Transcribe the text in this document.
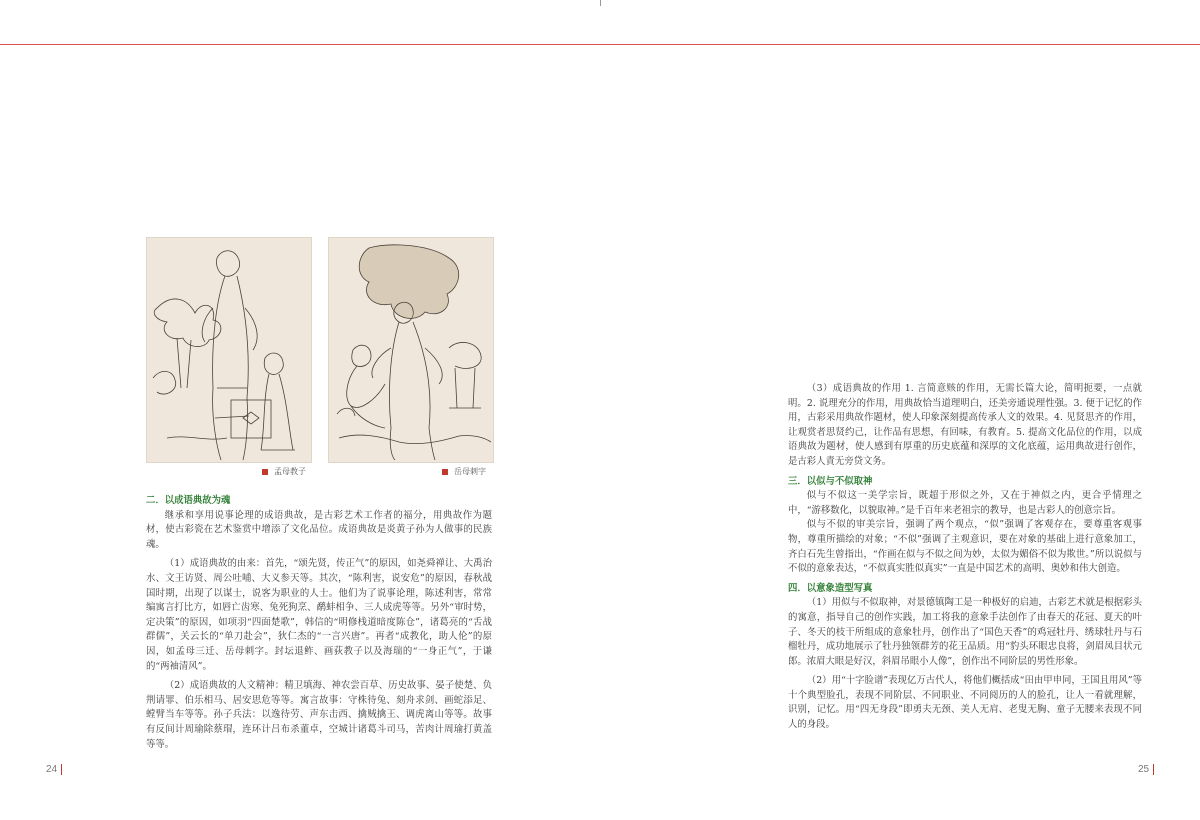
孟母教子	岳母刺字
二．以成语典故为魂

继承和享用说事论理的成语典故，是古彩艺术工作者的福分，用典故作为题材，使古彩瓷在艺术鉴赏中增添了文化品位。成语典故是炎黄子孙为人做事的民族魂。

（1）成语典故的由来：首先，“颂先贤，传正气”的原因，如尧舜禅让、大禹治水、文王访贤、周公吐哺、大义参天等。其次，“陈利害，说安危”的原因，春秋战国时期，出现了以谋士，说客为职业的人士。他们为了说事论理，陈述利害，常常编寓言打比方，如唇亡齿寒、兔死狗烹、鹬蚌相争、三人成虎等等。另外“审时势，定决策”的原因，如项羽“四面楚歌”，韩信的“明修栈道暗度陈仓”，诸葛亮的“舌战群儒”，关云长的“单刀赴会”，狄仁杰的“一言兴唐”。再者“成教化，助人伦”的原因，如孟母三迁、岳母刺字。封坛退鲊、画荻教子以及海瑞的“一身正气”，于谦的“两袖清风”。

（2）成语典故的人文精神：精卫填海、神农尝百草、历史故事、晏子使楚、负荆请罪、伯乐相马、居安思危等等。寓言故事：守株待兔、刻舟求剑、画蛇添足、螳臂当车等等。孙子兵法：以逸待劳、声东击西、擒贼擒王、调虎离山等等。故事有反间计周瑜除蔡瑁，连环计吕布杀董卓，空城计诸葛斗司马，苦肉计周瑜打黄盖等等。

24

（3）成语典故的作用 1. 言简意赅的作用，无需长篇大论，简明扼要，一点就明。2. 说理充分的作用，用典故恰当道理明白，还美旁通说理性强。3. 便于记忆的作用，古彩采用典故作题材，使人印象深刻提高传承人文的效果。4. 见贤思齐的作用，让观赏者思贤约己，让作品有思想，有回味，有教育。5. 提高文化品位的作用，以成语典故为题材，使人感到有厚重的历史底蕴和深厚的文化底蕴，运用典故进行创作，是古彩人責无旁贷文务。

三．以似与不似取神

似与不似这一美学宗旨，既超于形似之外，又在于神似之内，更合乎情理之中，“游移数化，以貌取神。”是千百年来老祖宗的教导，也是古彩人的创意宗旨。

似与不似的审美宗旨，强调了两个观点，“似”强调了客观存在，要尊重客观事物，尊重所描绘的对象；“不似”强调了主观意识，要在对象的基础上进行意象加工，齐白石先生曾指出，“作画在似与不似之间为妙，太似为媚俗不似为欺世。”所以说似与不似的意象表达，“不似真实胜似真实”一直是中国艺术的高明、奥妙和伟大创造。

四．以意象造型写真

（1）用似与不似取神，对景德镇陶工是一种极好的启迪，古彩艺术就是根据彩头的寓意，指导自己的创作实践，加工将我的意象手法创作了由春天的花冠、夏天的叶子、冬天的枝干所组成的意象牡丹，创作出了“国色天香”的鸡冠牡丹、绣球牡丹与石榴牡丹，成功地展示了牡丹独领群芳的花王品质。用“豹头环眼忠良将，剑眉凤目状元郎。浓眉大眼是好汉，斜眉吊眼小人像”，创作出不同阶层的男性形象。

（2）用“十字脸谱”表现亿万古代人，将他们概括成“田由甲申同，王国且用风”等十个典型脸孔，表现不同阶层、不同职业、不同阅历的人的脸孔，让人一看就理解，识别，记忆。用“四无身段”即勇夫无颈、美人无肩、老叟无胸、童子无腰来表现不同人的身段。

25
